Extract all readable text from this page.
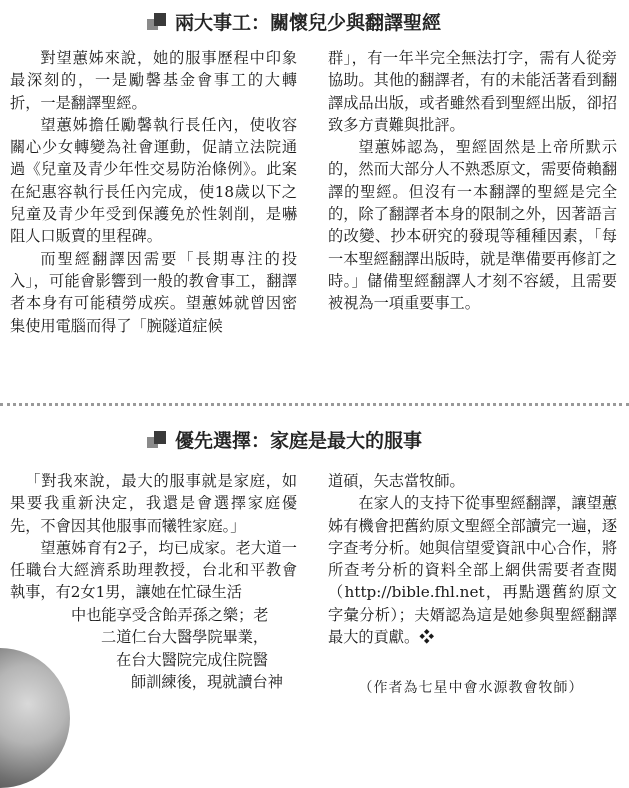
兩大事工：關懷兒少與翻譯聖經

對望蕙姊來說，她的服事歷程中印象最深刻的，一是勵馨基金會事工的大轉折，一是翻譯聖經。

望蕙姊擔任勵馨執行長任內，使收容關心少女轉變為社會運動，促請立法院通過《兒童及青少年性交易防治條例》。此案在紀惠容執行長任內完成，使18歲以下之兒童及青少年受到保護免於性剝削，是嚇阻人口販賣的里程碑。

而聖經翻譯因需要「長期專注的投入」，可能會影響到一般的教會事工，翻譯者本身有可能積勞成疾。望蕙姊就曾因密集使用電腦而得了「腕隧道症候

群」，有一年半完全無法打字，需有人從旁協助。其他的翻譯者，有的未能活著看到翻譯成品出版，或者雖然看到聖經出版，卻招致多方責難與批評。

望蕙姊認為，聖經固然是上帝所默示的，然而大部分人不熟悉原文，需要倚賴翻譯的聖經。但沒有一本翻譯的聖經是完全的，除了翻譯者本身的限制之外，因著語言的改變、抄本研究的發現等種種因素，「每一本聖經翻譯出版時，就是準備要再修訂之時。」儲備聖經翻譯人才刻不容緩，且需要被視為一項重要事工。

優先選擇：家庭是最大的服事

「對我來說，最大的服事就是家庭，如果要我重新決定，我還是會選擇家庭優先，不會因其他服事而犧牲家庭。」

望蕙姊育有2子，均已成家。老大道一任職台大經濟系助理教授，台北和平教會執事，有2女1男，讓她在忙碌生活

中也能享受含飴弄孫之樂；老
二道仁台大醫學院畢業，
在台大醫院完成住院醫
師訓練後，現就讀台神

道碩，矢志當牧師。

在家人的支持下從事聖經翻譯，讓望蕙姊有機會把舊約原文聖經全部讀完一遍，逐字查考分析。她與信望愛資訊中心合作，將所查考分析的資料全部上網供需要者查閱（http://bible.fhl.net，再點選舊約原文字彙分析）；夫婿認為這是她參與聖經翻譯最大的貢獻。❖

（作者為七星中會水源教會牧師）
